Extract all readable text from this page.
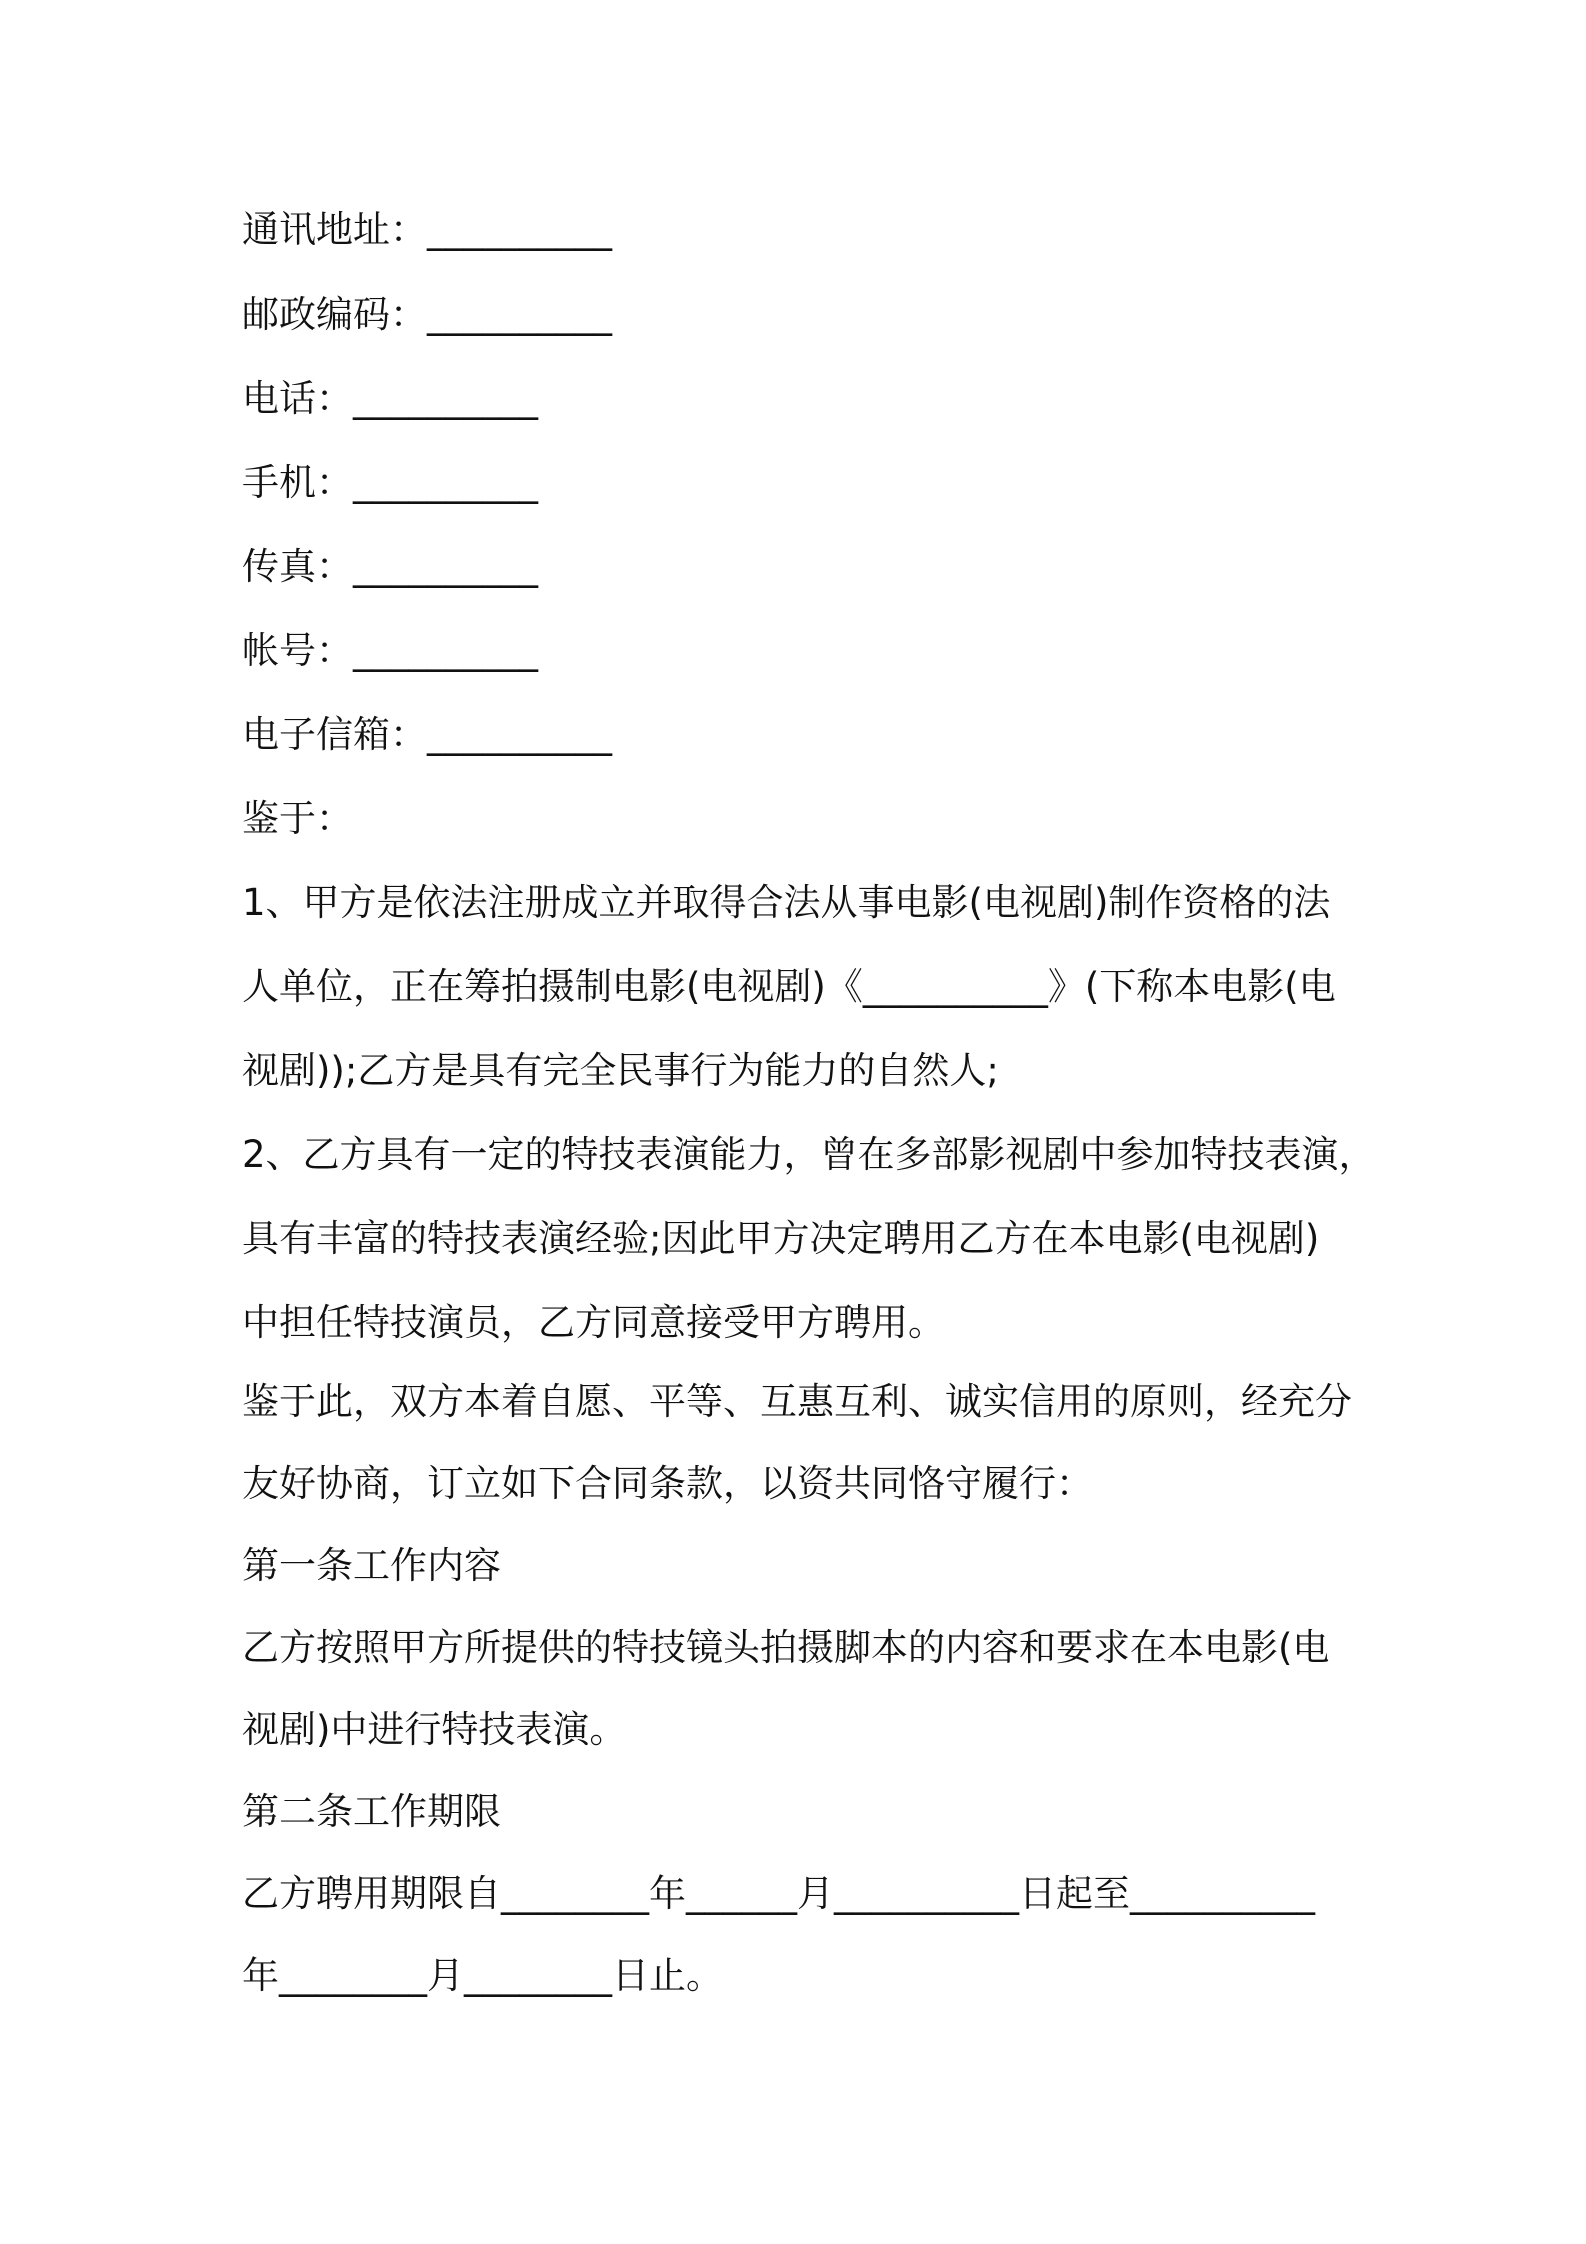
通讯地址：__________

邮政编码：__________

电话：__________

手机：__________

传真：__________

帐号：__________

电子信箱：__________

鉴于：

1、甲方是依法注册成立并取得合法从事电影(电视剧)制作资格的法

人单位，正在筹拍摄制电影(电视剧)《__________》(下称本电影(电

视剧));乙方是具有完全民事行为能力的自然人;

2、乙方具有一定的特技表演能力，曾在多部影视剧中参加特技表演，

具有丰富的特技表演经验;因此甲方决定聘用乙方在本电影(电视剧)

中担任特技演员，乙方同意接受甲方聘用。

鉴于此，双方本着自愿、平等、互惠互利、诚实信用的原则，经充分

友好协商，订立如下合同条款，以资共同恪守履行：

第一条工作内容

乙方按照甲方所提供的特技镜头拍摄脚本的内容和要求在本电影(电

视剧)中进行特技表演。

第二条工作期限

乙方聘用期限自________年______月__________日起至__________

年________月________日止。
